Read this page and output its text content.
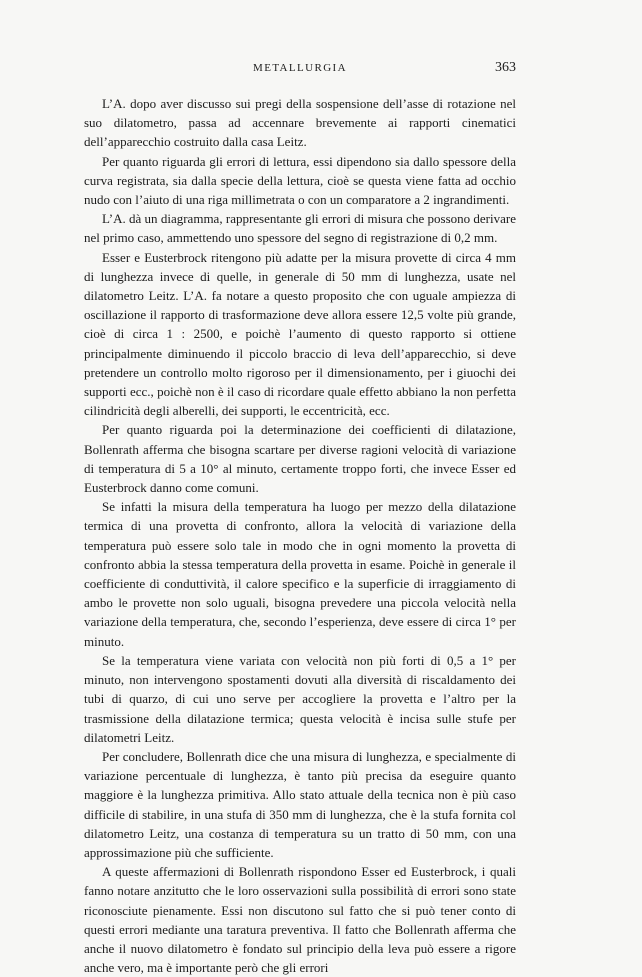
METALLURGIA	363

L’A. dopo aver discusso sui pregi della sospensione dell’asse di rotazione nel suo dilatometro, passa ad accennare brevemente ai rapporti cinematici dell’apparecchio costruito dalla casa Leitz.

Per quanto riguarda gli errori di lettura, essi dipendono sia dallo spessore della curva registrata, sia dalla specie della lettura, cioè se questa viene fatta ad occhio nudo con l’aiuto di una riga millimetrata o con un comparatore a 2 ingrandimenti.

L’A. dà un diagramma, rappresentante gli errori di misura che possono derivare nel primo caso, ammettendo uno spessore del segno di registrazione di 0,2 mm.

Esser e Eusterbrock ritengono più adatte per la misura provette di circa 4 mm di lunghezza invece di quelle, in generale di 50 mm di lunghezza, usate nel dilatometro Leitz. L’A. fa notare a questo proposito che con uguale ampiezza di oscillazione il rapporto di trasformazione deve allora essere 12,5 volte più grande, cioè di circa 1 : 2500, e poichè l’aumento di questo rapporto si ottiene principalmente diminuendo il piccolo braccio di leva dell’apparecchio, si deve pretendere un controllo molto rigoroso per il dimensionamento, per i giuochi dei supporti ecc., poichè non è il caso di ricordare quale effetto abbiano la non perfetta cilindricità degli alberelli, dei supporti, le eccentricità, ecc.

Per quanto riguarda poi la determinazione dei coefficienti di dilatazione, Bollenrath afferma che bisogna scartare per diverse ragioni velocità di variazione di temperatura di 5 a 10° al minuto, certamente troppo forti, che invece Esser ed Eusterbrock danno come comuni.

Se infatti la misura della temperatura ha luogo per mezzo della dilatazione termica di una provetta di confronto, allora la velocità di variazione della temperatura può essere solo tale in modo che in ogni momento la provetta di confronto abbia la stessa temperatura della provetta in esame. Poichè in generale il coefficiente di conduttività, il calore specifico e la superficie di irraggiamento di ambo le provette non solo uguali, bisogna prevedere una piccola velocità nella variazione della temperatura, che, secondo l’esperienza, deve essere di circa 1° per minuto.

Se la temperatura viene variata con velocità non più forti di 0,5 a 1° per minuto, non intervengono spostamenti dovuti alla diversità di riscaldamento dei tubi di quarzo, di cui uno serve per accogliere la provetta e l’altro per la trasmissione della dilatazione termica; questa velocità è incisa sulle stufe per dilatometri Leitz.

Per concludere, Bollenrath dice che una misura di lunghezza, e specialmente di variazione percentuale di lunghezza, è tanto più precisa da eseguire quanto maggiore è la lunghezza primitiva. Allo stato attuale della tecnica non è più caso difficile di stabilire, in una stufa di 350 mm di lunghezza, che è la stufa fornita col dilatometro Leitz, una costanza di temperatura su un tratto di 50 mm, con una approssimazione più che sufficiente.

A queste affermazioni di Bollenrath rispondono Esser ed Eusterbrock, i quali fanno notare anzitutto che le loro osservazioni sulla possibilità di errori sono state riconosciute pienamente. Essi non discutono sul fatto che si può tener conto di questi errori mediante una taratura preventiva. Il fatto che Bollenrath afferma che anche il nuovo dilatometro è fondato sul principio della leva può essere a rigore anche vero, ma è importante però che gli errori
